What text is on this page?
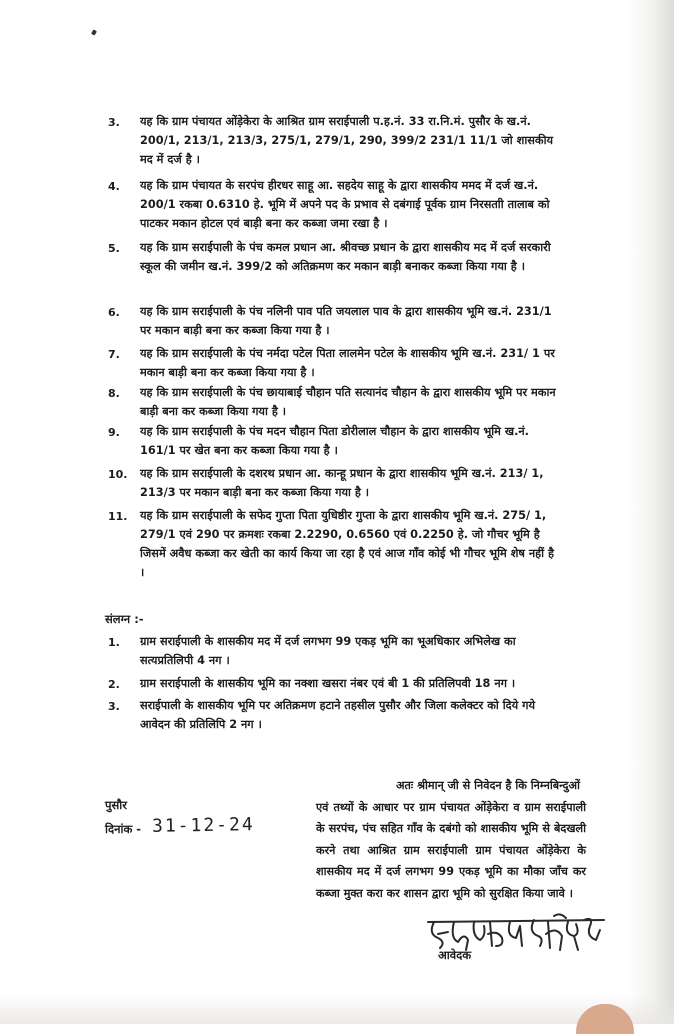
3. यह कि ग्राम पंचायत ओंड़ेकेरा के आश्रित ग्राम सराईपाली प.ह.नं. 33 रा.नि.मं. पुसौर के ख.नं. 200/1, 213/1, 213/3, 275/1, 279/1, 290, 399/2 231/1 11/1 जो शासकीय मद में दर्ज है ।
4. यह कि ग्राम पंचायत के सरपंच हीरधर साहू आ. सहदेय साहू के द्वारा शासकीय ममद में दर्ज ख.नं. 200/1 रकबा 0.6310 हे. भूमि में अपने पद के प्रभाव से दबंगाई पूर्वक ग्राम निरसताी तालाब को पाटकर मकान होटल एवं बाड़ी बना कर कब्जा जमा रखा है ।
5. यह कि ग्राम सराईपाली के पंच कमल प्रधान आ. श्रीवच्छ प्रधान के द्वारा शासकीय मद में दर्ज सरकारी स्कूल की जमीन ख.नं. 399/2 को अतिक्रमण कर मकान बाड़ी बनाकर कब्जा किया गया है ।
6. यह कि ग्राम सराईपाली के पंच नलिनी पाव पति जयलाल पाव के द्वारा शासकीय भूमि ख.नं. 231/1 पर मकान बाड़ी बना कर कब्जा किया गया है ।
7. यह कि ग्राम सराईपाली के पंच नर्मदा पटेल पिता लालमेन पटेल के शासकीय भूमि ख.नं. 231/ 1 पर मकान बाड़ी बना कर कब्जा किया गया है ।
8. यह कि ग्राम सराईपाली के पंच छायाबाई चौहान पति सत्यानंद चौहान के द्वारा शासकीय भूमि पर मकान बाड़ी बना कर कब्जा किया गया है ।
9. यह कि ग्राम सराईपाली के पंच मदन चौहान पिता डोरीलाल चौहान के द्वारा शासकीय भूमि ख.नं. 161/1 पर खेत बना कर कब्जा किया गया है ।
10. यह कि ग्राम सराईपाली के दशरथ प्रधान आ. कान्हू प्रधान के द्वारा शासकीय भूमि ख.नं. 213/ 1, 213/3 पर मकान बाड़ी बना कर कब्जा किया गया है ।
11. यह कि ग्राम सराईपाली के सफेद गुप्ता पिता युधिष्ठीर गुप्ता के द्वारा शासकीय भूमि ख.नं. 275/ 1, 279/1 एवं 290 पर क्रमशः रकबा 2.2290, 0.6560 एवं 0.2250 हे. जो गौचर भूमि है जिसमें अवैध कब्जा कर खेती का कार्य किया जा रहा है एवं आज गाँव कोई भी गौचर भूमि शेष नहीं है ।
संलग्न :-
1. ग्राम सराईपाली के शासकीय मद में दर्ज लगभग 99 एकड़ भूमि का भूअधिकार अभिलेख का सत्यप्रतिलिपी 4 नग ।
2. ग्राम सराईपाली के शासकीय भूमि का नक्शा खसरा नंबर एवं बी 1 की प्रतिलिपवी 18 नग ।
3. सराईपाली के शासकीय भूमि पर अतिक्रमण हटाने तहसील पुसौर और जिला कलेक्टर को दिये गये आवेदन की प्रतिलिपि 2 नग ।
अतः श्रीमान् जी से निवेदन है कि निम्नबिन्दुओं
एवं तथ्यों के आधार पर ग्राम पंचायत ओंड़ेकेरा व ग्राम सराईपाली के सरपंच, पंच सहित गाँव के दबंगो को शासकीय भूमि से बेदखली करने तथा आश्रित ग्राम सराईपाली ग्राम पंचायत ओंड़ेकेरा के शासकीय मद में दर्ज लगभग 99 एकड़ भूमि का मौका जाँच कर कब्जा मुक्त करा कर शासन द्वारा भूमि को सुरक्षित किया जावे ।
पुसौर
दिनांक - 31-12-24
आवेदक
